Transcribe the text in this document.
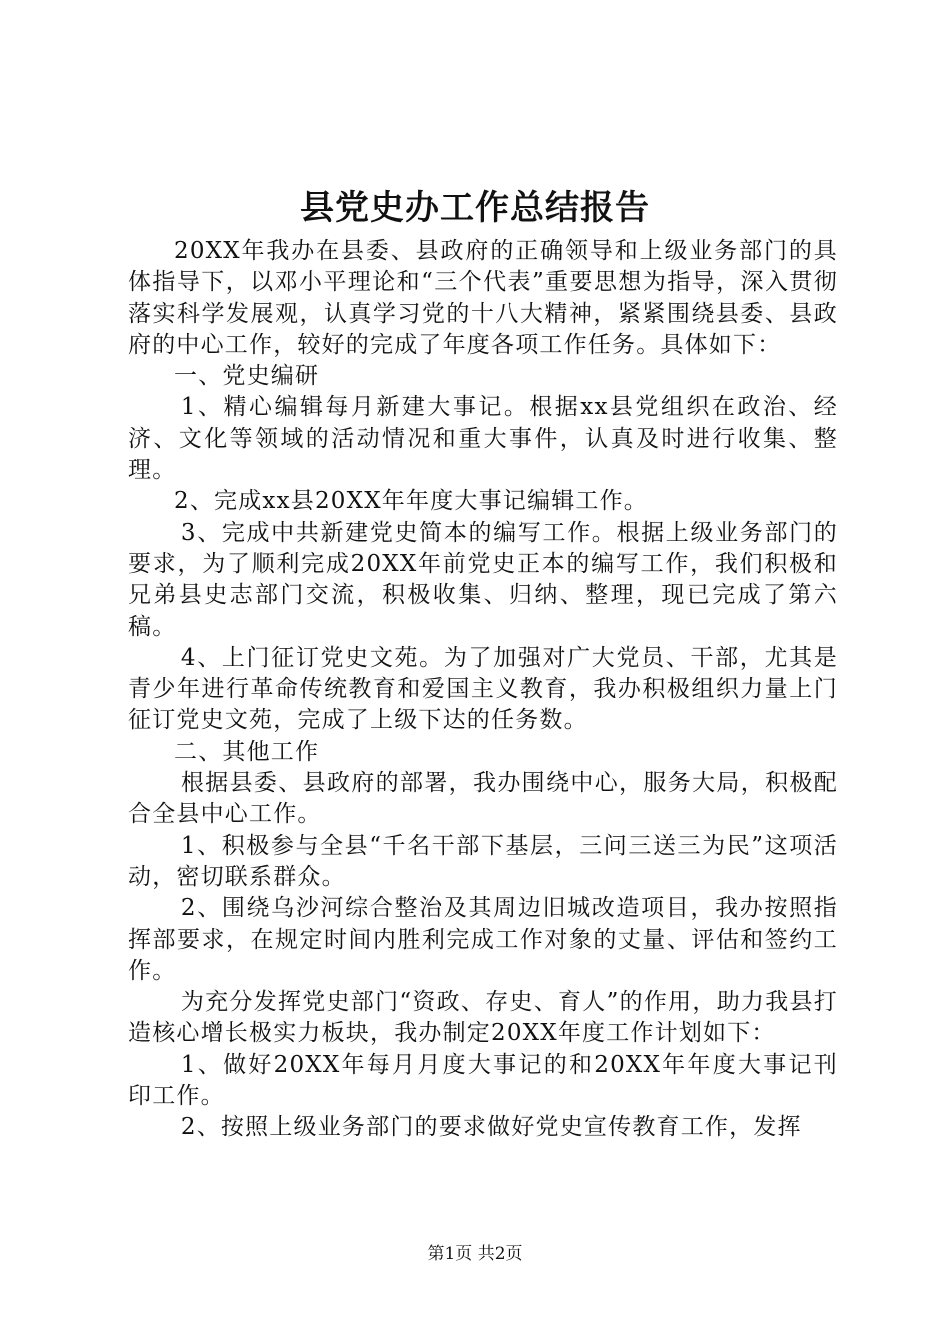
县党史办工作总结报告

20XX年我办在县委、县政府的正确领导和上级业务部门的具体指导下，以邓小平理论和“三个代表”重要思想为指导，深入贯彻落实科学发展观，认真学习党的十八大精神，紧紧围绕县委、县政府的中心工作，较好的完成了年度各项工作任务。具体如下：

一、党史编研

1、精心编辑每月新建大事记。根据xx县党组织在政治、经济、文化等领域的活动情况和重大事件，认真及时进行收集、整理。

2、完成xx县20XX年年度大事记编辑工作。

3、完成中共新建党史简本的编写工作。根据上级业务部门的要求，为了顺利完成20XX年前党史正本的编写工作，我们积极和兄弟县史志部门交流，积极收集、归纳、整理，现已完成了第六稿。

4、上门征订党史文苑。为了加强对广大党员、干部，尤其是青少年进行革命传统教育和爱国主义教育，我办积极组织力量上门征订党史文苑，完成了上级下达的任务数。

二、其他工作

根据县委、县政府的部署，我办围绕中心，服务大局，积极配合全县中心工作。

1、积极参与全县“千名干部下基层，三问三送三为民”这项活动，密切联系群众。

2、围绕乌沙河综合整治及其周边旧城改造项目，我办按照指挥部要求，在规定时间内胜利完成工作对象的丈量、评估和签约工作。

为充分发挥党史部门“资政、存史、育人”的作用，助力我县打造核心增长极实力板块，我办制定20XX年度工作计划如下：

1、做好20XX年每月月度大事记的和20XX年年度大事记刊印工作。

2、按照上级业务部门的要求做好党史宣传教育工作，发挥

第1页 共2页
